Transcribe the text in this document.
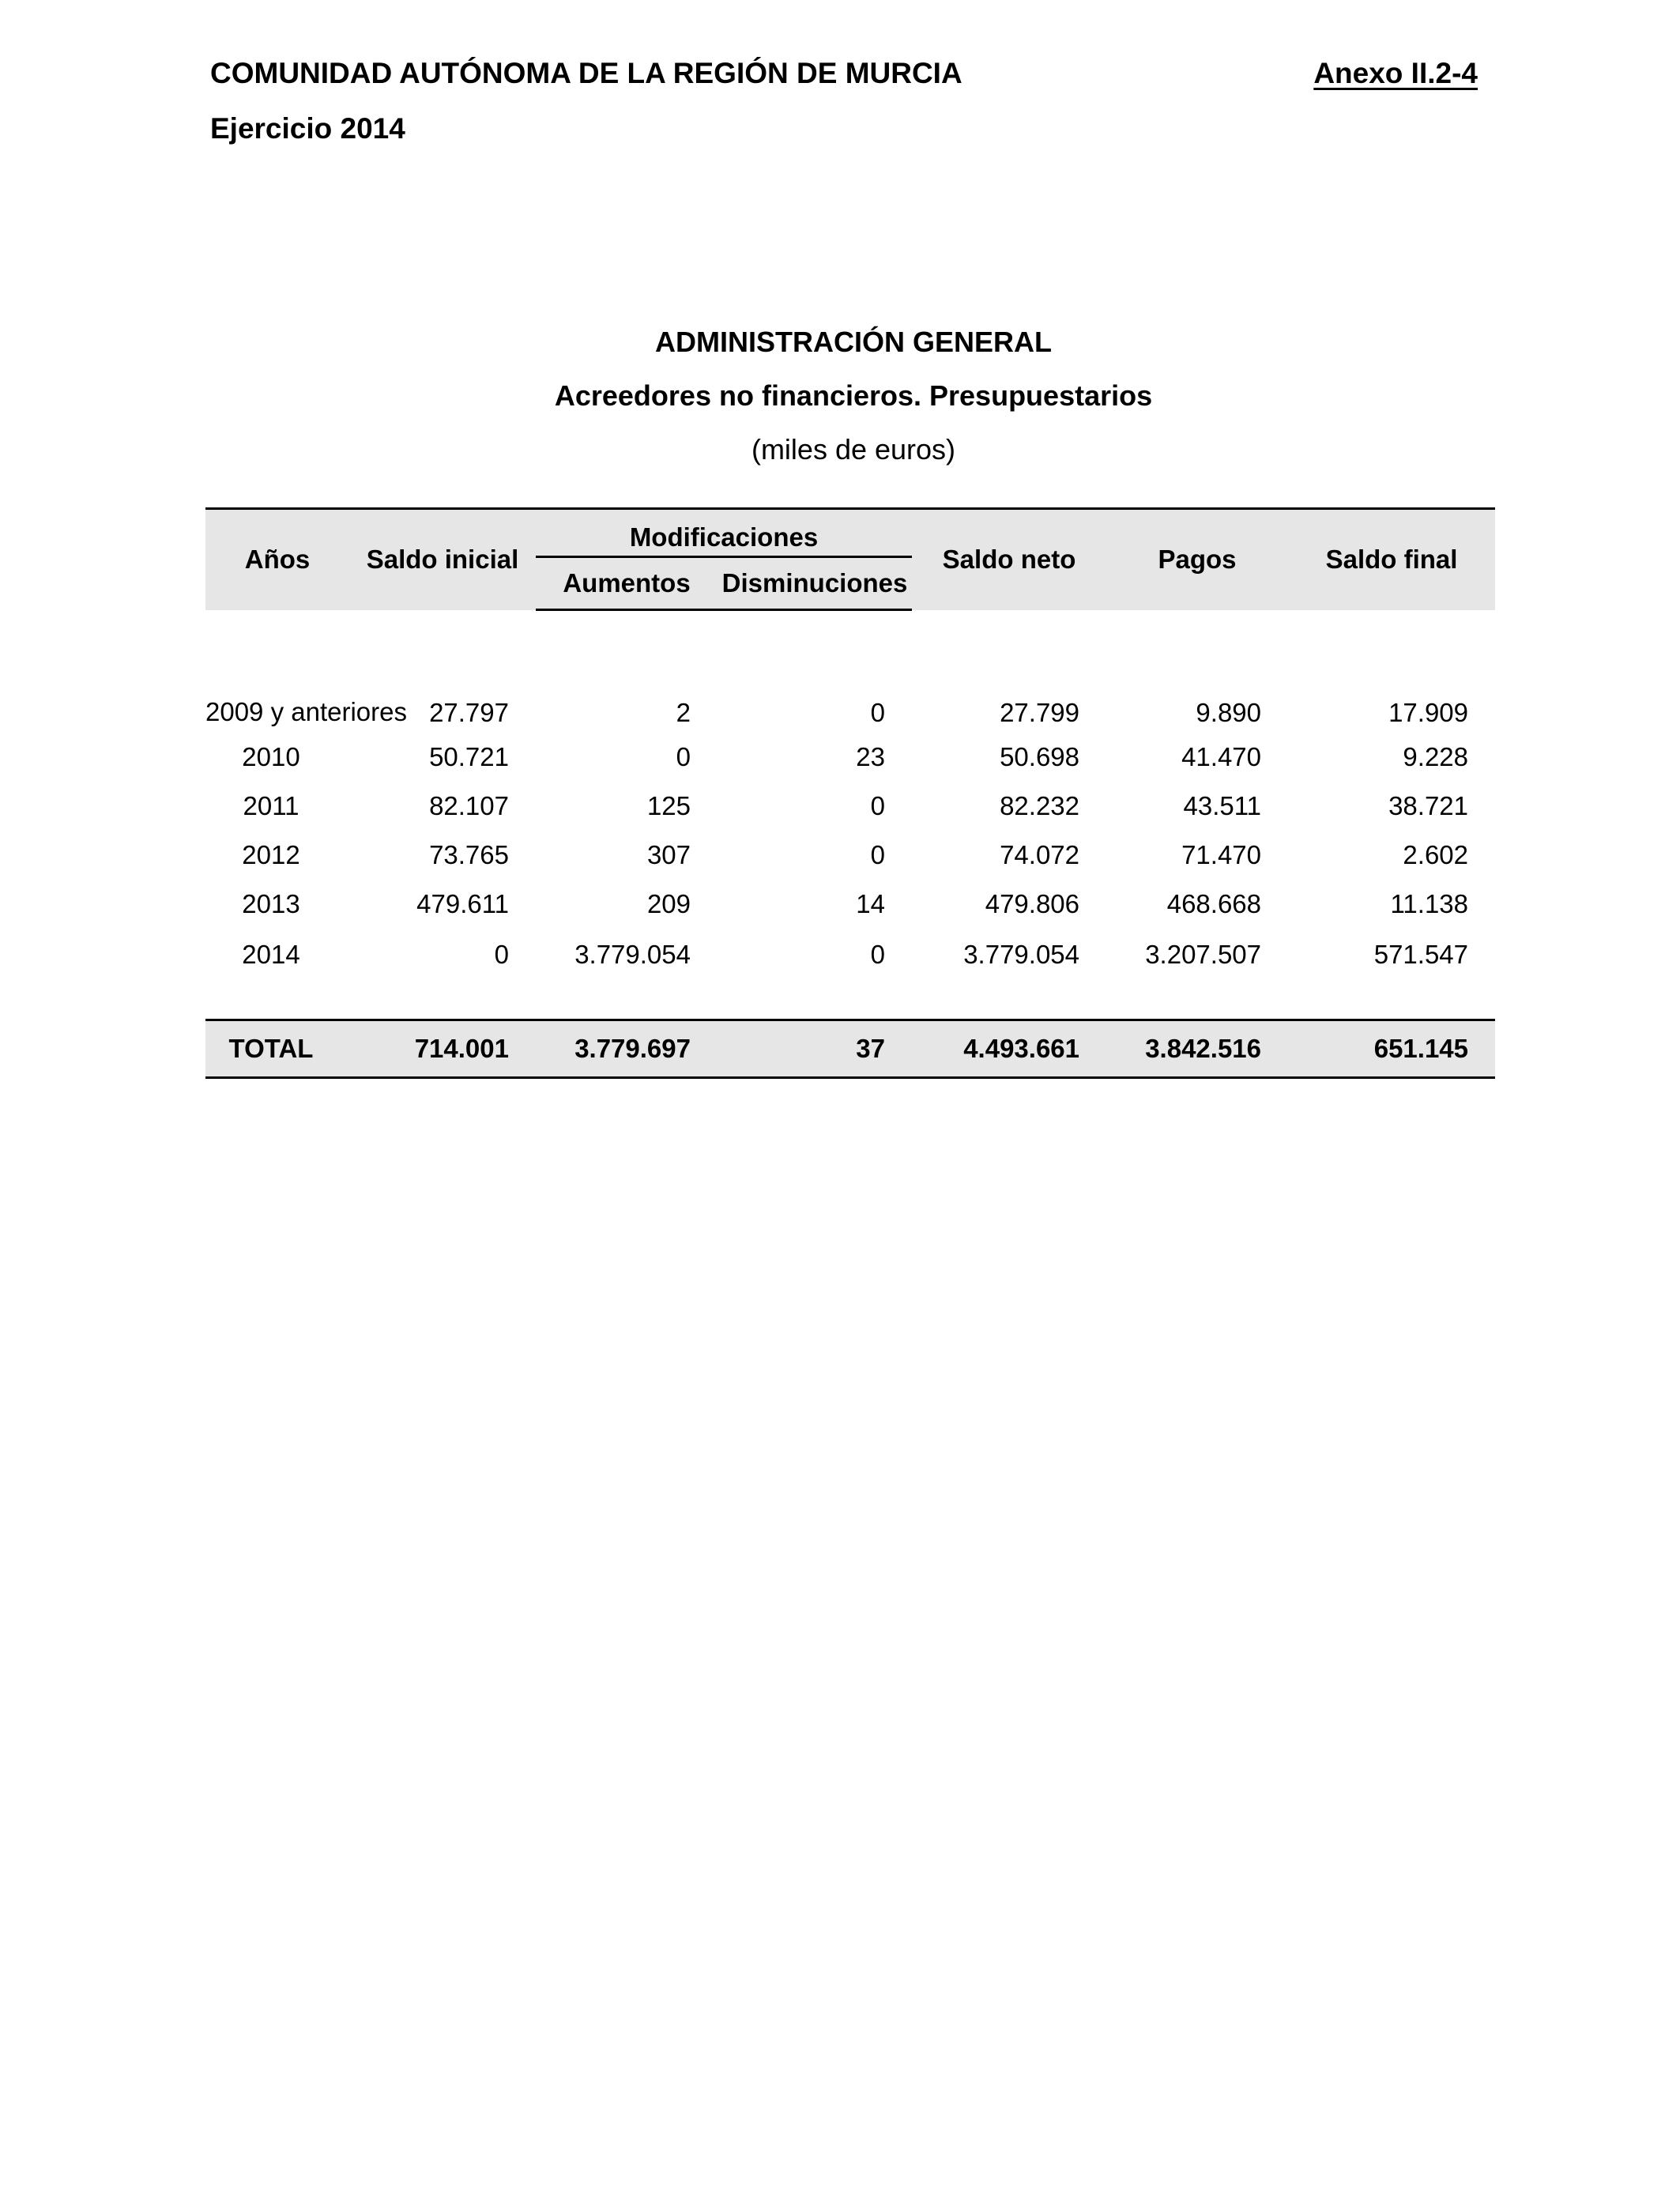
COMUNIDAD AUTÓNOMA DE LA REGIÓN DE MURCIA
Ejercicio 2014
Anexo II.2-4
ADMINISTRACIÓN GENERAL
Acreedores no financieros. Presupuestarios
(miles de euros)
Años	Saldo inicial	Modificaciones		Saldo neto	Pagos	Saldo final
		Aumentos	Disminuciones			

2009 y anteriores	27.797	2	0	27.799	9.890	17.909
2010	50.721	0	23	50.698	41.470	9.228
2011	82.107	125	0	82.232	43.511	38.721
2012	73.765	307	0	74.072	71.470	2.602
2013	479.611	209	14	479.806	468.668	11.138
2014	0	3.779.054	0	3.779.054	3.207.507	571.547

TOTAL	714.001	3.779.697	37	4.493.661	3.842.516	651.145
